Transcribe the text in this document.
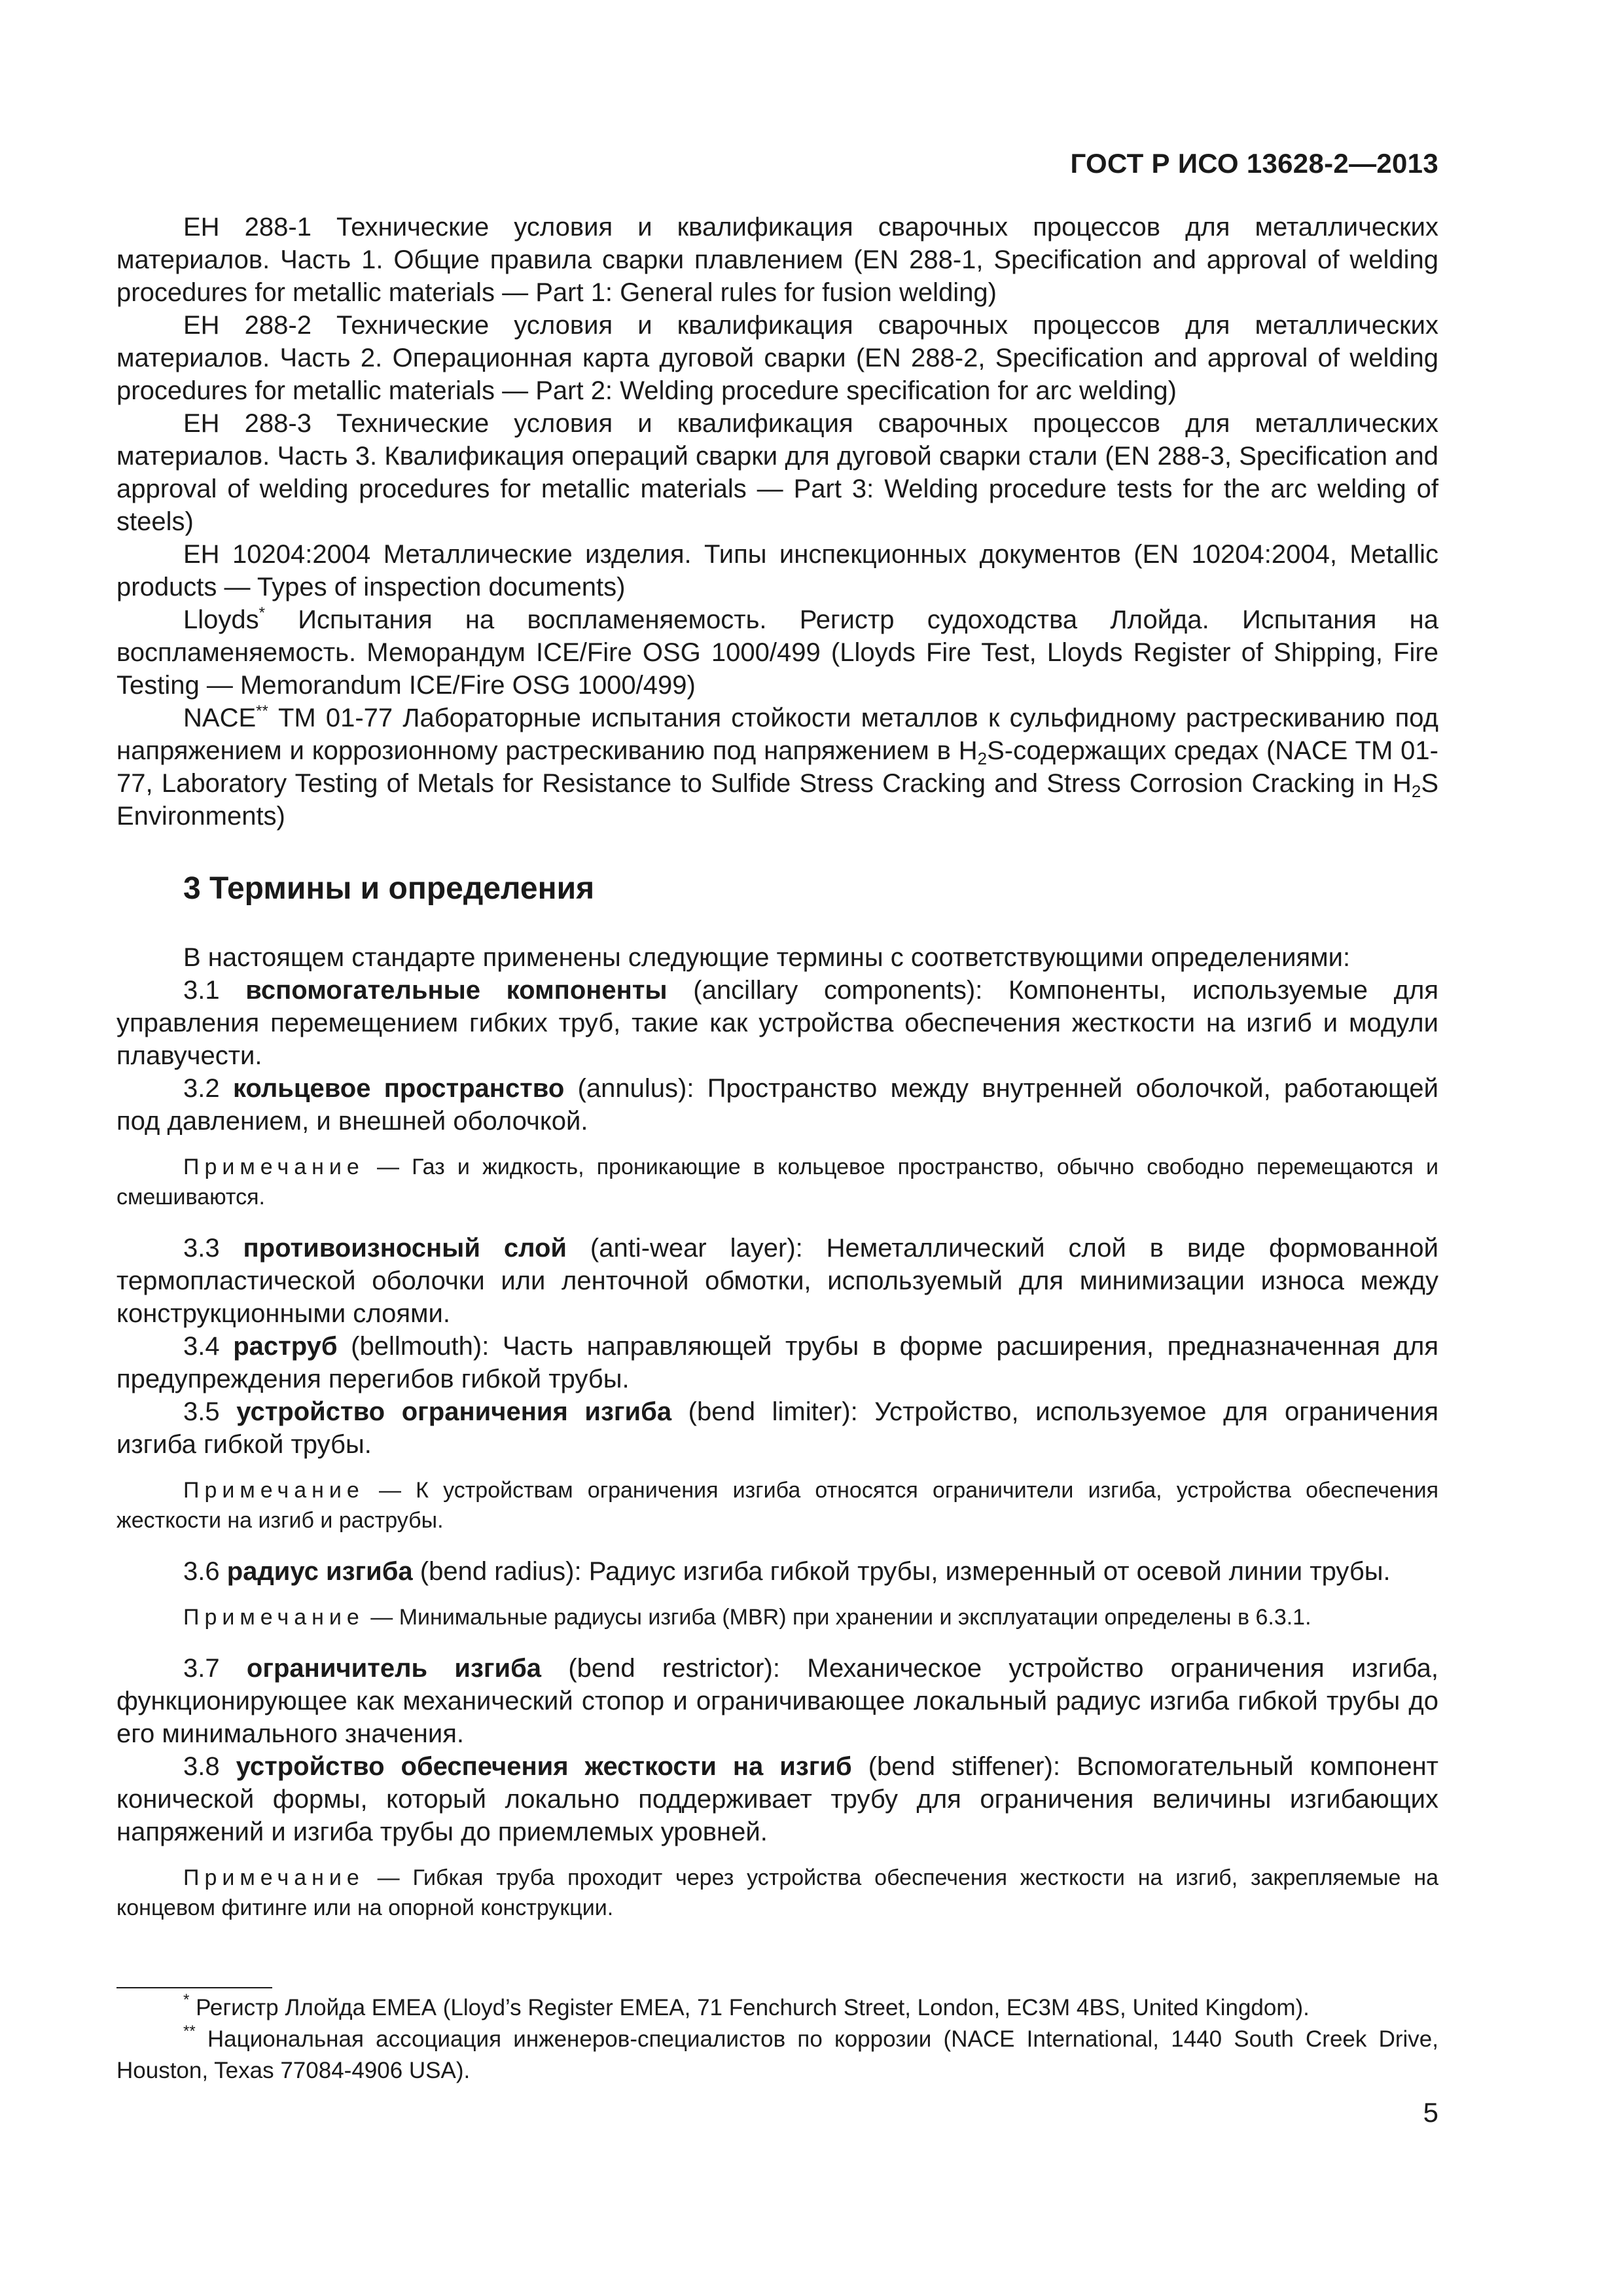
ГОСТ Р ИСО 13628-2—2013

ЕН 288-1 Технические условия и квалификация сварочных процессов для металлических материалов. Часть 1. Общие правила сварки плавлением (EN 288-1, Specification and approval of welding procedures for metallic materials — Part 1: General rules for fusion welding)

ЕН 288-2 Технические условия и квалификация сварочных процессов для металлических материалов. Часть 2. Операционная карта дуговой сварки (EN 288-2, Specification and approval of welding procedures for metallic materials — Part 2: Welding procedure specification for arc welding)

ЕН 288-3 Технические условия и квалификация сварочных процессов для металлических материалов. Часть 3. Квалификация операций сварки для дуговой сварки стали (EN 288-3, Specification and approval of welding procedures for metallic materials — Part 3: Welding procedure tests for the arc welding of steels)

ЕН 10204:2004 Металлические изделия. Типы инспекционных документов (EN 10204:2004, Metallic products — Types of inspection documents)

Lloyds* Испытания на воспламеняемость. Регистр судоходства Ллойда. Испытания на воспламеняемость. Меморандум ICE/Fire OSG 1000/499 (Lloyds Fire Test, Lloyds Register of Shipping, Fire Testing — Memorandum ICE/Fire OSG 1000/499)

NACE** ТМ 01-77 Лабораторные испытания стойкости металлов к сульфидному растрескиванию под напряжением и коррозионному растрескиванию под напряжением в $H_2S$-содержащих средах (NACE TM 01-77, Laboratory Testing of Metals for Resistance to Sulfide Stress Cracking and Stress Corrosion Cracking in $H_2S$ Environments)

3 Термины и определения

В настоящем стандарте применены следующие термины с соответствующими определениями:

3.1 вспомогательные компоненты (ancillary components): Компоненты, используемые для управления перемещением гибких труб, такие как устройства обеспечения жесткости на изгиб и модули плавучести.

3.2 кольцевое пространство (annulus): Пространство между внутренней оболочкой, работающей под давлением, и внешней оболочкой.

Примечание — Газ и жидкость, проникающие в кольцевое пространство, обычно свободно перемещаются и смешиваются.

3.3 противоизносный слой (anti-wear layer): Неметаллический слой в виде формованной термопластической оболочки или ленточной обмотки, используемый для минимизации износа между конструкционными слоями.

3.4 раструб (bellmouth): Часть направляющей трубы в форме расширения, предназначенная для предупреждения перегибов гибкой трубы.

3.5 устройство ограничения изгиба (bend limiter): Устройство, используемое для ограничения изгиба гибкой трубы.

Примечание — К устройствам ограничения изгиба относятся ограничители изгиба, устройства обеспечения жесткости на изгиб и раструбы.

3.6 радиус изгиба (bend radius): Радиус изгиба гибкой трубы, измеренный от осевой линии трубы.

Примечание — Минимальные радиусы изгиба (MBR) при хранении и эксплуатации определены в 6.3.1.

3.7 ограничитель изгиба (bend restrictor): Механическое устройство ограничения изгиба, функционирующее как механический стопор и ограничивающее локальный радиус изгиба гибкой трубы до его минимального значения.

3.8 устройство обеспечения жесткости на изгиб (bend stiffener): Вспомогательный компонент конической формы, который локально поддерживает трубу для ограничения величины изгибающих напряжений и изгиба трубы до приемлемых уровней.

Примечание — Гибкая труба проходит через устройства обеспечения жесткости на изгиб, закрепляемые на концевом фитинге или на опорной конструкции.

* Регистр Ллойда ЕМЕА (Lloyd’s Register EMEA, 71 Fenchurch Street, London, EC3M 4BS, United Kingdom).

** Национальная ассоциация инженеров-специалистов по коррозии (NACE International, 1440 South Creek Drive, Houston, Texas 77084-4906 USA).

5
